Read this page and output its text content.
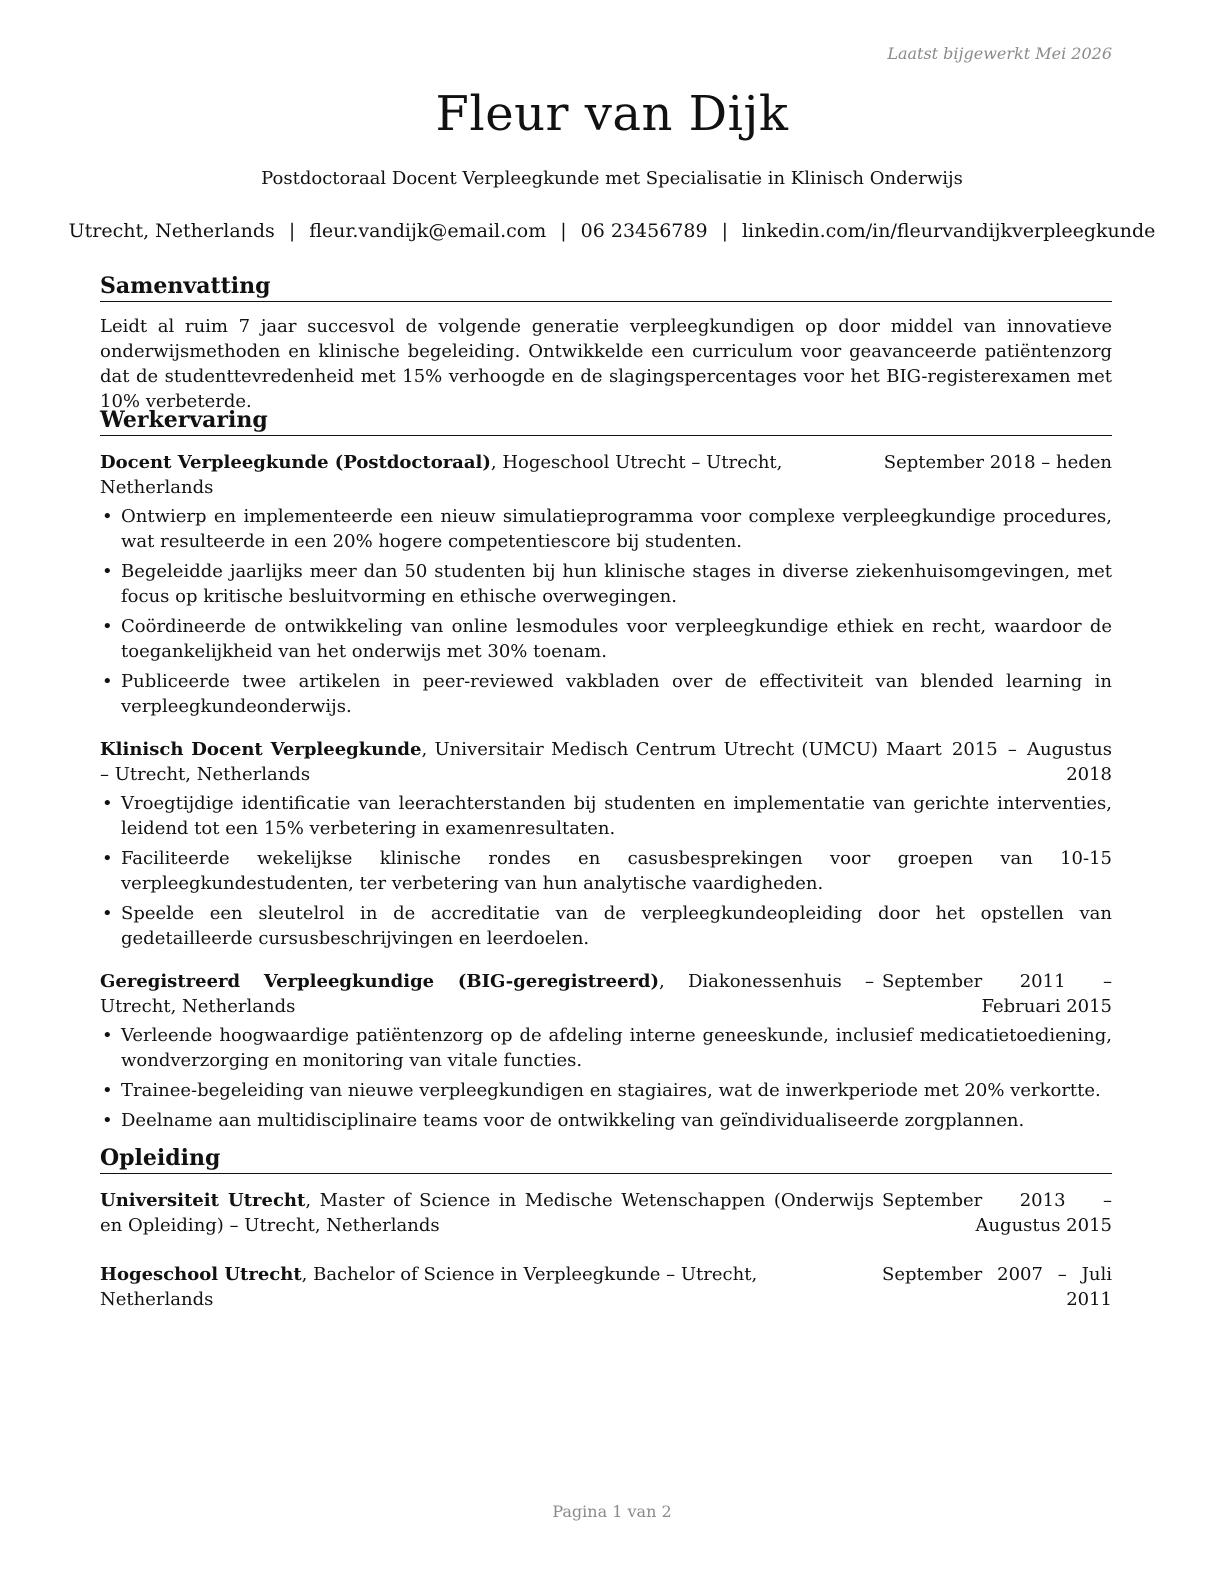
Laatst bijgewerkt Mei 2026
Fleur van Dijk
Postdoctoraal Docent Verpleegkunde met Specialisatie in Klinisch Onderwijs
Utrecht, Netherlands | fleur.vandijk@email.com | 06 23456789 | linkedin.com/in/fleurvandijkverpleegkunde
Samenvatting

Leidt al ruim 7 jaar succesvol de volgende generatie verpleegkundigen op door middel van innovatieve onderwijsmethoden en klinische begeleiding. Ontwikkelde een curriculum voor geavanceerde patiëntenzorg dat de studenttevredenheid met 15% verhoogde en de slagingspercentages voor het BIG-registerexamen met 10% verbeterde.

Werkervaring
Docent Verpleegkunde (Postdoctoraal), Hogeschool Utrecht – Utrecht, Netherlands
September 2018 – heden
• Ontwierp en implementeerde een nieuw simulatieprogramma voor complexe verpleegkundige procedures, wat resulteerde in een 20% hogere competentiescore bij studenten.
• Begeleidde jaarlijks meer dan 50 studenten bij hun klinische stages in diverse ziekenhuisomgevingen, met focus op kritische besluitvorming en ethische overwegingen.
• Coördineerde de ontwikkeling van online lesmodules voor verpleegkundige ethiek en recht, waardoor de toegankelijkheid van het onderwijs met 30% toenam.
• Publiceerde twee artikelen in peer-reviewed vakbladen over de effectiviteit van blended learning in verpleegkundeonderwijs.
Klinisch Docent Verpleegkunde, Universitair Medisch Centrum Utrecht (UMCU) – Utrecht, Netherlands
Maart 2015 – Augustus 2018
• Vroegtijdige identificatie van leerachterstanden bij studenten en implementatie van gerichte interventies, leidend tot een 15% verbetering in examenresultaten.
• Faciliteerde wekelijkse klinische rondes en casusbesprekingen voor groepen van 10-15 verpleegkundestudenten, ter verbetering van hun analytische vaardigheden.
• Speelde een sleutelrol in de accreditatie van de verpleegkundeopleiding door het opstellen van gedetailleerde cursusbeschrijvingen en leerdoelen.
Geregistreerd Verpleegkundige (BIG-geregistreerd), Diakonessenhuis – Utrecht, Netherlands
September 2011 – Februari 2015
• Verleende hoogwaardige patiëntenzorg op de afdeling interne geneeskunde, inclusief medicatietoediening, wondverzorging en monitoring van vitale functies.
• Trainee-begeleiding van nieuwe verpleegkundigen en stagiaires, wat de inwerkperiode met 20% verkortte.
• Deelname aan multidisciplinaire teams voor de ontwikkeling van geïndividualiseerde zorgplannen.
Opleiding
Universiteit Utrecht, Master of Science in Medische Wetenschappen (Onderwijs en Opleiding) – Utrecht, Netherlands
September 2013 – Augustus 2015
Hogeschool Utrecht, Bachelor of Science in Verpleegkunde – Utrecht, Netherlands
September 2007 – Juli 2011
Pagina 1 van 2
